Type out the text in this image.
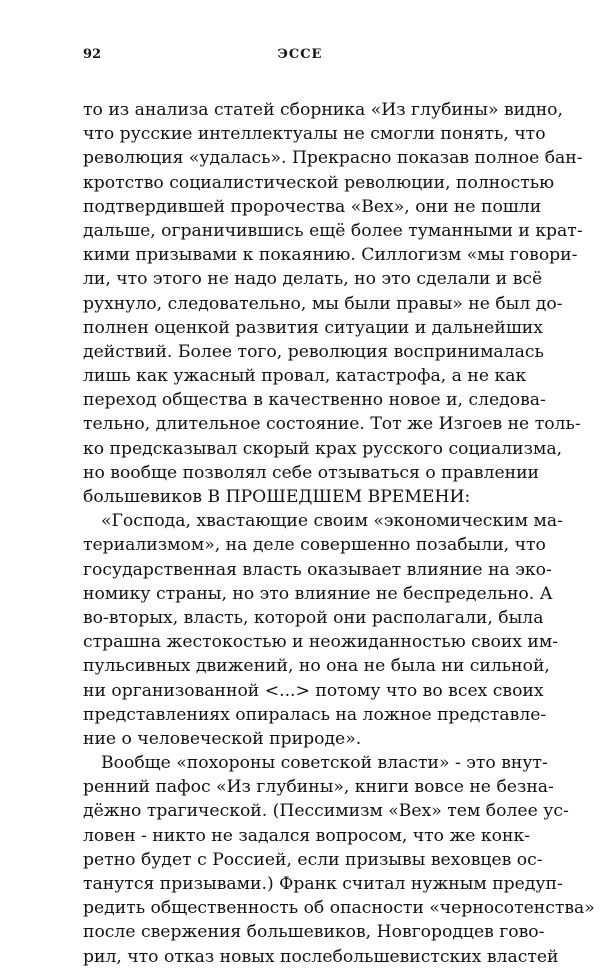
92	ЭССЕ
то из анализа статей сборника «Из глубины» видно,
что русские интеллектуалы не смогли понять, что
революция «удалась». Прекрасно показав полное бан-
кротство социалистической революции, полностью
подтвердившей пророчества «Вех», они не пошли
дальше, ограничившись ещё более туманными и крат-
кими призывами к покаянию. Силлогизм «мы говори-
ли, что этого не надо делать, но это сделали и всё
рухнуло, следовательно, мы были правы» не был до-
полнен оценкой развития ситуации и дальнейших
действий. Более того, революция воспринималась
лишь как ужасный провал, катастрофа, а не как
переход общества в качественно новое и, следова-
тельно, длительное состояние. Тот же Изгоев не толь-
ко предсказывал скорый крах русского социализма,
но вообще позволял себе отзываться о правлении
большевиков В ПРОШЕДШЕМ ВРЕМЕНИ:
«Господа, хвастающие своим «экономическим ма-
териализмом», на деле совершенно позабыли, что
государственная власть оказывает влияние на эко-
номику страны, но это влияние не беспредельно. А
во-вторых, власть, которой они располагали, была
страшна жестокостью и неожиданностью своих им-
пульсивных движений, но она не была ни сильной,
ни организованной <...> потому что во всех своих
представлениях опиралась на ложное представле-
ние о человеческой природе».
Вообще «похороны советской власти» - это внут-
ренний пафос «Из глубины», книги вовсе не безна-
дёжно трагической. (Пессимизм «Вех» тем более ус-
ловен - никто не задался вопросом, что же конк-
ретно будет с Россией, если призывы веховцев ос-
танутся призывами.) Франк считал нужным предуп-
редить общественность об опасности «черносотенства»
после свержения большевиков, Новгородцев гово-
рил, что отказ новых послебольшевистских властей
